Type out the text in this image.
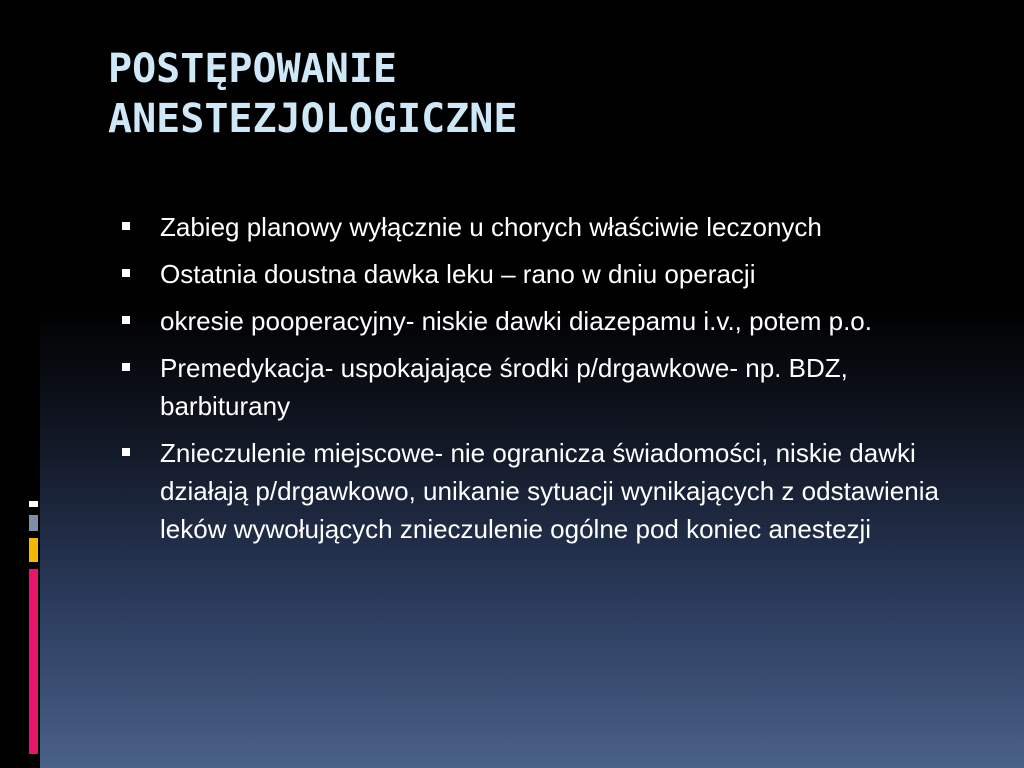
POSTĘPOWANIE
ANESTEZJOLOGICZNE
Zabieg planowy wyłącznie u chorych właściwie leczonych
Ostatnia doustna dawka leku – rano w dniu operacji
okresie pooperacyjny- niskie dawki diazepamu i.v., potem p.o.
Premedykacja- uspokajające środki p/drgawkowe- np. BDZ, barbiturany
Znieczulenie miejscowe- nie ogranicza świadomości, niskie dawki działają p/drgawkowo, unikanie sytuacji wynikających z odstawienia leków wywołujących znieczulenie ogólne pod koniec anestezji
